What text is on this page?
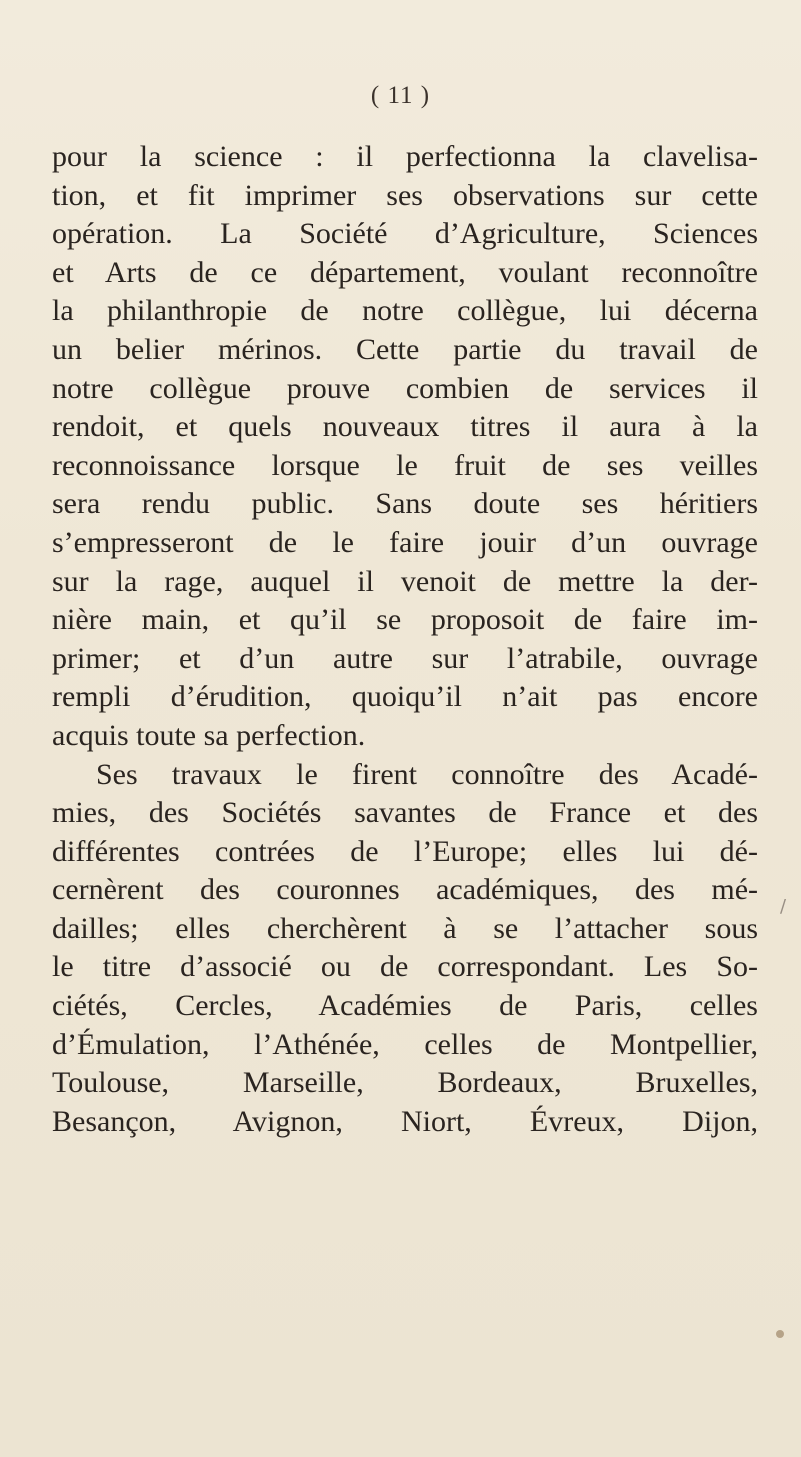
( 11 )
pour la science : il perfectionna la clavelisa-
tion, et fit imprimer ses observations sur cette
opération. La Société d’Agriculture, Sciences
et Arts de ce département, voulant reconnoître
la philanthropie de notre collègue, lui décerna
un belier mérinos. Cette partie du travail de
notre collègue prouve combien de services il
rendoit, et quels nouveaux titres il aura à la
reconnoissance lorsque le fruit de ses veilles
sera rendu public. Sans doute ses héritiers
s’empresseront de le faire jouir d’un ouvrage
sur la rage, auquel il venoit de mettre la der-
nière main, et qu’il se proposoit de faire im-
primer; et d’un autre sur l’atrabile, ouvrage
rempli d’érudition, quoiqu’il n’ait pas encore
acquis toute sa perfection.
Ses travaux le firent connoître des Acadé-
mies, des Sociétés savantes de France et des
différentes contrées de l’Europe; elles lui dé-
cernèrent des couronnes académiques, des mé-
dailles; elles cherchèrent à se l’attacher sous
le titre d’associé ou de correspondant. Les So-
ciétés, Cercles, Académies de Paris, celles
d’Émulation, l’Athénée, celles de Montpellier,
Toulouse, Marseille, Bordeaux, Bruxelles,
Besançon, Avignon, Niort, Évreux, Dijon,
/
